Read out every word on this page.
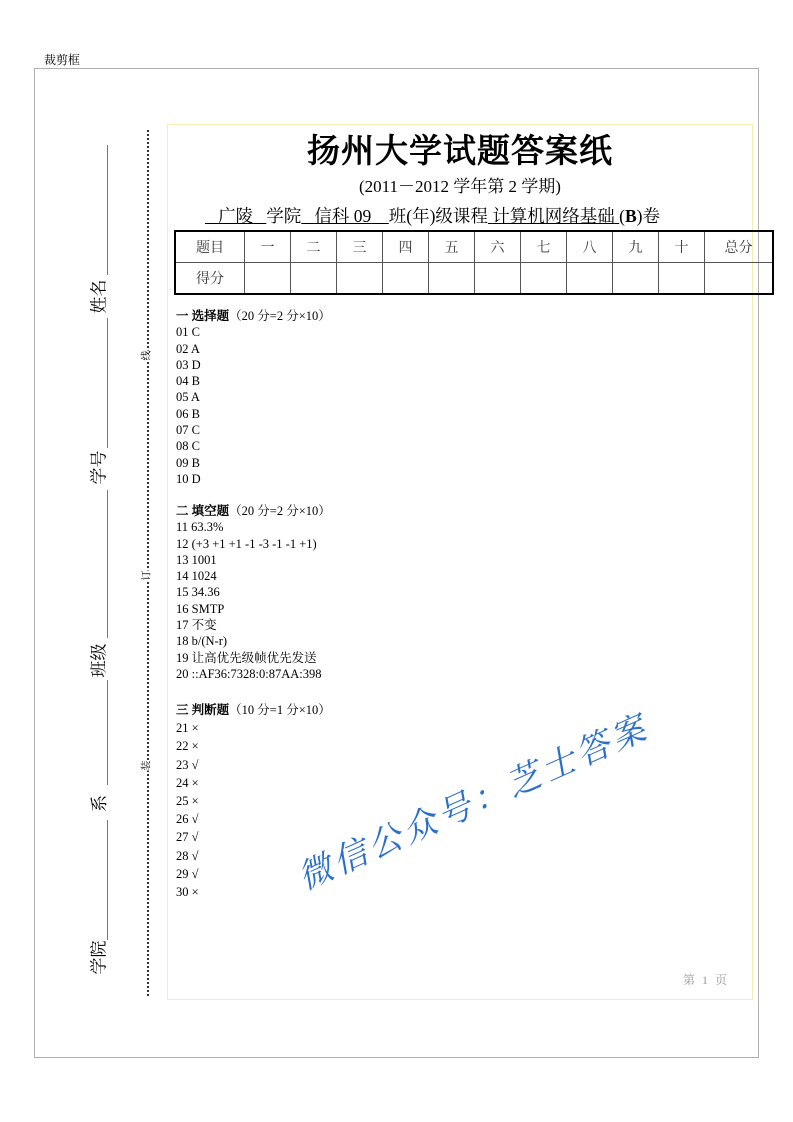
裁剪框
扬州大学试题答案纸
(2011－2012 学年第 2 学期)
广陵 学院 信科 09 班(年)级课程 计算机网络基础 (B)卷
题目	一	二	三	四	五	六	七	八	九	十	总分
得分											
一 选择题（20 分=2 分×10）
01 C
02 A
03 D
04 B
05 A
06 B
07 C
08 C
09 B
10 D
二 填空题（20 分=2 分×10）
11 63.3%
12 (+3 +1 +1 -1 -3 -1 -1 +1)
13 1001
14 1024
15 34.36
16 SMTP
17 不变
18 b/(N-r)
19 让高优先级帧优先发送
20 ::AF36:7328:0:87AA:398
三 判断题（10 分=1 分×10）
21 ×
22 ×
23 √
24 ×
25 ×
26 √
27 √
28 √
29 √
30 ×
姓名
学号
班级
系
学院
线
订
装	微信公众号：芝士答案
第 1 页
